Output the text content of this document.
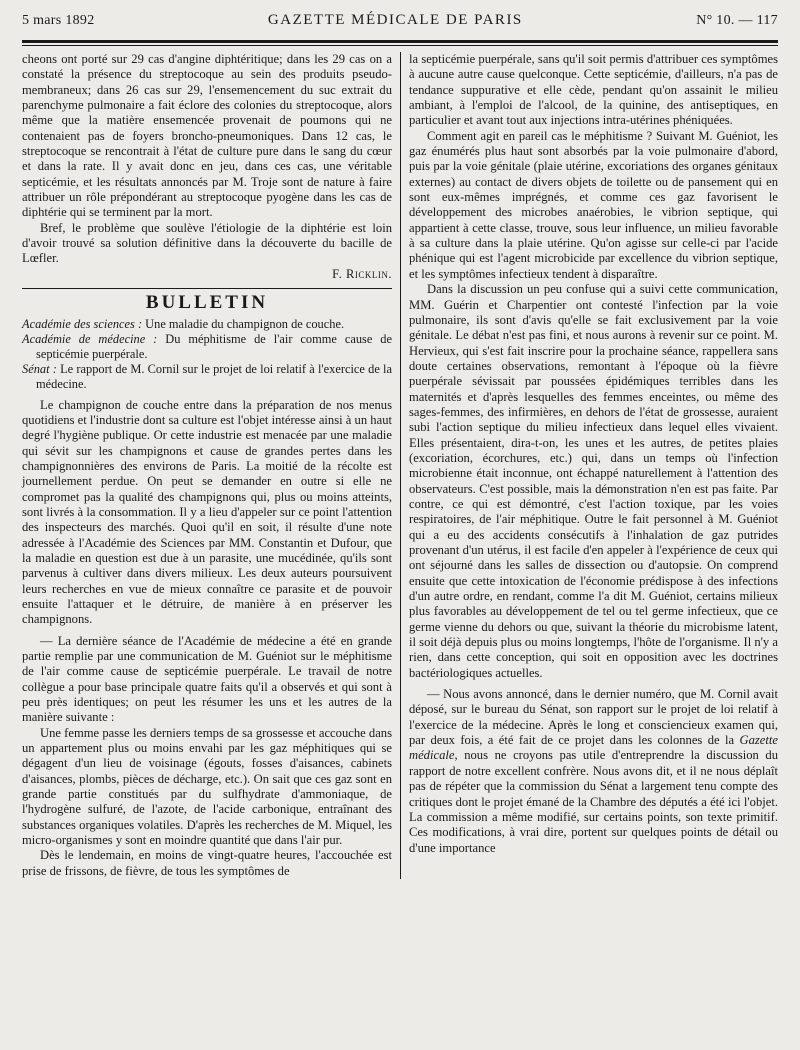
5 mars 1892	GAZETTE MÉDICALE DE PARIS	N° 10. — 117

cheons ont porté sur 29 cas d'angine diphtéritique; dans les 29 cas on a constaté la présence du streptocoque au sein des produits pseudo-membraneux; dans 26 cas sur 29, l'ensemencement du suc extrait du parenchyme pulmonaire a fait éclore des colonies du streptocoque, alors même que la matière ensemencée provenait de poumons qui ne contenaient pas de foyers broncho-pneumoniques. Dans 12 cas, le streptocoque se rencontrait à l'état de culture pure dans le sang du cœur et dans la rate. Il y avait donc en jeu, dans ces cas, une véritable septicémie, et les résultats annoncés par M. Troje sont de nature à faire attribuer un rôle prépondérant au streptocoque pyogène dans les cas de diphtérie qui se terminent par la mort.

Bref, le problème que soulève l'étiologie de la diphtérie est loin d'avoir trouvé sa solution définitive dans la découverte du bacille de Lœfler.

F. Ricklin.

BULLETIN

Académie des sciences : Une maladie du champignon de couche.

Académie de médecine : Du méphitisme de l'air comme cause de septicémie puerpérale.

Sénat : Le rapport de M. Cornil sur le projet de loi relatif à l'exercice de la médecine.

Le champignon de couche entre dans la préparation de nos menus quotidiens et l'industrie dont sa culture est l'objet intéresse ainsi à un haut degré l'hygiène publique. Or cette industrie est menacée par une maladie qui sévit sur les champignons et cause de grandes pertes dans les champignonnières des environs de Paris. La moitié de la récolte est journellement perdue. On peut se demander en outre si elle ne compromet pas la qualité des champignons qui, plus ou moins atteints, sont livrés à la consommation. Il y a lieu d'appeler sur ce point l'attention des inspecteurs des marchés. Quoi qu'il en soit, il résulte d'une note adressée à l'Académie des Sciences par MM. Constantin et Dufour, que la maladie en question est due à un parasite, une mucédinée, qu'ils sont parvenus à cultiver dans divers milieux. Les deux auteurs poursuivent leurs recherches en vue de mieux connaître ce parasite et de pouvoir ensuite l'attaquer et le détruire, de manière à en préserver les champignons.

— La dernière séance de l'Académie de médecine a été en grande partie remplie par une communication de M. Guéniot sur le méphitisme de l'air comme cause de septicémie puerpérale. Le travail de notre collègue a pour base principale quatre faits qu'il a observés et qui sont à peu près identiques; on peut les résumer les uns et les autres de la manière suivante :

Une femme passe les derniers temps de sa grossesse et accouche dans un appartement plus ou moins envahi par les gaz méphitiques qui se dégagent d'un lieu de voisinage (égouts, fosses d'aisances, cabinets d'aisances, plombs, pièces de décharge, etc.). On sait que ces gaz sont en grande partie constitués par du sulfhydrate d'ammoniaque, de l'hydrogène sulfuré, de l'azote, de l'acide carbonique, entraînant des substances organiques volatiles. D'après les recherches de M. Miquel, les micro-organismes y sont en moindre quantité que dans l'air pur.

Dès le lendemain, en moins de vingt-quatre heures, l'accouchée est prise de frissons, de fièvre, de tous les symptômes de

la septicémie puerpérale, sans qu'il soit permis d'attribuer ces symptômes à aucune autre cause quelconque. Cette septicémie, d'ailleurs, n'a pas de tendance suppurative et elle cède, pendant qu'on assainit le milieu ambiant, à l'emploi de l'alcool, de la quinine, des antiseptiques, en particulier et avant tout aux injections intra-utérines phéniquées.

Comment agit en pareil cas le méphitisme ? Suivant M. Guéniot, les gaz énumérés plus haut sont absorbés par la voie pulmonaire d'abord, puis par la voie génitale (plaie utérine, excoriations des organes génitaux externes) au contact de divers objets de toilette ou de pansement qui en sont eux-mêmes imprégnés, et comme ces gaz favorisent le développement des microbes anaérobies, le vibrion septique, qui appartient à cette classe, trouve, sous leur influence, un milieu favorable à sa culture dans la plaie utérine. Qu'on agisse sur celle-ci par l'acide phénique qui est l'agent microbicide par excellence du vibrion septique, et les symptômes infectieux tendent à disparaître.

Dans la discussion un peu confuse qui a suivi cette communication, MM. Guérin et Charpentier ont contesté l'infection par la voie pulmonaire, ils sont d'avis qu'elle se fait exclusivement par la voie génitale. Le débat n'est pas fini, et nous aurons à revenir sur ce point. M. Hervieux, qui s'est fait inscrire pour la prochaine séance, rappellera sans doute certaines observations, remontant à l'époque où la fièvre puerpérale sévissait par poussées épidémiques terribles dans les maternités et d'après lesquelles des femmes enceintes, ou même des sages-femmes, des infirmières, en dehors de l'état de grossesse, auraient subi l'action septique du milieu infectieux dans lequel elles vivaient. Elles présentaient, dira-t-on, les unes et les autres, de petites plaies (excoriation, écorchures, etc.) qui, dans un temps où l'infection microbienne était inconnue, ont échappé naturellement à l'attention des observateurs. C'est possible, mais la démonstration n'en est pas faite. Par contre, ce qui est démontré, c'est l'action toxique, par les voies respiratoires, de l'air méphitique. Outre le fait personnel à M. Guéniot qui a eu des accidents consécutifs à l'inhalation de gaz putrides provenant d'un utérus, il est facile d'en appeler à l'expérience de ceux qui ont séjourné dans les salles de dissection ou d'autopsie. On comprend ensuite que cette intoxication de l'économie prédispose à des infections d'un autre ordre, en rendant, comme l'a dit M. Guéniot, certains milieux plus favorables au développement de tel ou tel germe infectieux, que ce germe vienne du dehors ou que, suivant la théorie du microbisme latent, il soit déjà depuis plus ou moins longtemps, l'hôte de l'organisme. Il n'y a rien, dans cette conception, qui soit en opposition avec les doctrines bactériologiques actuelles.

— Nous avons annoncé, dans le dernier numéro, que M. Cornil avait déposé, sur le bureau du Sénat, son rapport sur le projet de loi relatif à l'exercice de la médecine. Après le long et consciencieux examen qui, par deux fois, a été fait de ce projet dans les colonnes de la Gazette médicale, nous ne croyons pas utile d'entreprendre la discussion du rapport de notre excellent confrère. Nous avons dit, et il ne nous déplaît pas de répéter que la commission du Sénat a largement tenu compte des critiques dont le projet émané de la Chambre des députés a été ici l'objet. La commission a même modifié, sur certains points, son texte primitif. Ces modifications, à vrai dire, portent sur quelques points de détail ou d'une importance
